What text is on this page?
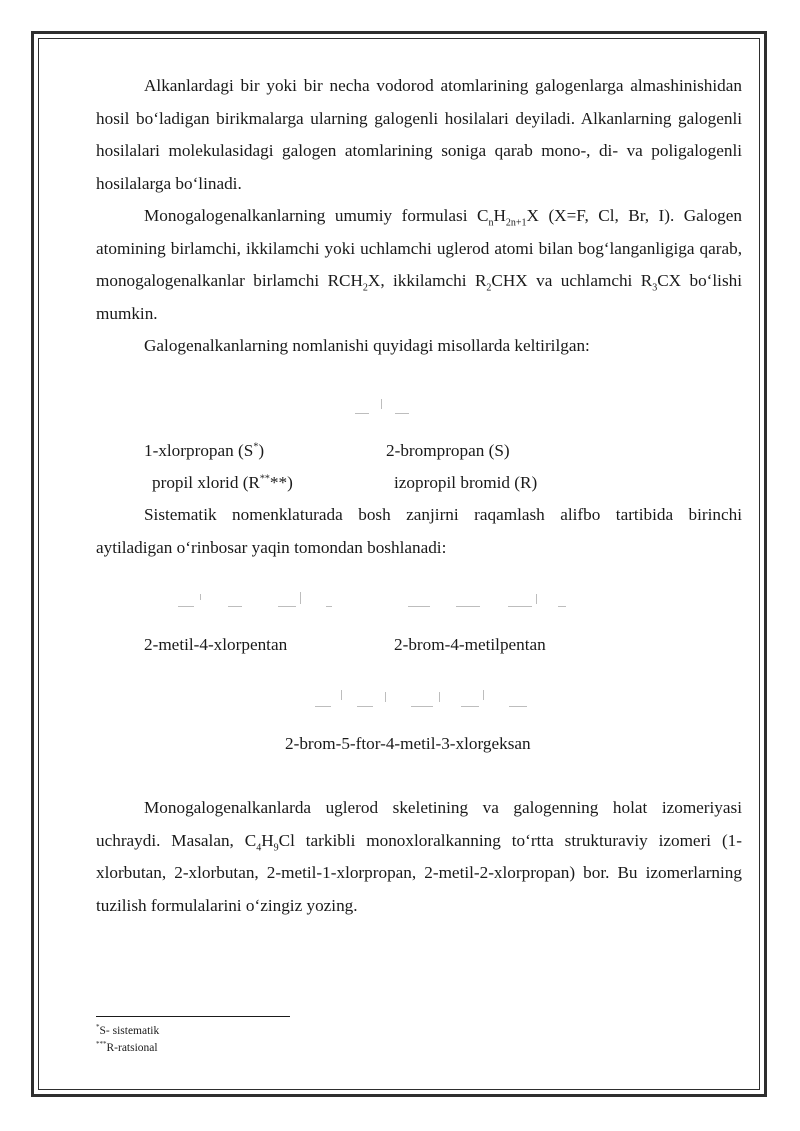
Alkanlardagi bir yoki bir necha vodorod atomlarining galogenlarga almashinishidan hosil bo‘ladigan birikmalarga ularning galogenli hosilalari deyiladi. Alkanlarning galogenli hosilalari molekulasidagi galogen atomlarining soniga qarab mono-, di- va poligalogenli hosilalarga bo‘linadi.

Monogalogenalkanlarning umumiy formulasi $C_nH_{2n+1}X$ (X=F, Cl, Br, I). Galogen atomining birlamchi, ikkilamchi yoki uchlamchi uglerod atomi bilan bog‘langanligiga qarab, monogalogenalkanlar birlamchi $RCH_2X$, ikkilamchi $R_2CHX$ va uchlamchi $R_3CX$ bo‘lishi mumkin.

Galogenalkanlarning nomlanishi quyidagi misollarda keltirilgan:

1-xlorpropan (S*)	2-brompropan (S)
propil xlorid (R****)	izopropil bromid (R)

Sistematik nomenklaturada bosh zanjirni raqamlash alifbo tartibida birinchi aytiladigan o‘rinbosar yaqin tomondan boshlanadi:

2-metil-4-xlorpentan	2-brom-4-metilpentan
2-brom-5-ftor-4-metil-3-xlorgeksan

Monogalogenalkanlarda uglerod skeletining va galogenning holat izomeriyasi uchraydi. Masalan, $C_4H_9Cl$ tarkibli monoxloralkanning to‘rtta strukturaviy izomeri (1-xlorbutan, 2-xlorbutan, 2-metil-1-xlorpropan, 2-metil-2-xlorpropan) bor. Bu izomerlarning tuzilish formulalarini o‘zingiz yozing.

*S- sistematik
***R-ratsional
